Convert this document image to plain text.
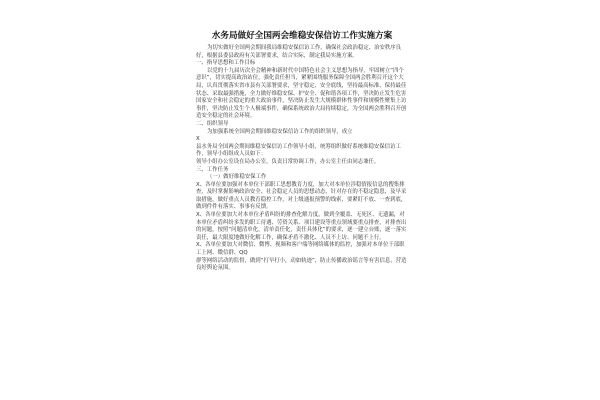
水务局做好全国两会维稳安保信访工作实施方案

为切实做好全国两会期间我局维稳安保信访工作，确保社会政治稳定、治安秩序良好，根据县委县政府有关部署要求，结合实际，制定我局实施方案。

一、指导思想和工作目标

以党的十九届历次全会精神和新时代中国特色社会主义思想为指导，牢固树立“四个意识”，切实提高政治站位，强化责任担当，紧紧围绕服务保障全国两会胜利召开这个大局，认真贯彻落实省市县有关部署要求，坚守稳定、安全底线，坚持最高标准、保持最佳状态、采取最强措施，全力做好维稳安保、护安全、促和谐各项工作，坚决防止发生危害国家安全和社会稳定的重大政治事件，坚决防止发生大规模群体性事件和规模性聚集上访事件，坚决防止发生个人极端事件，确保系统政治大局持续稳定，为全国两会胜利召开创造安全稳定的社会环境。

二、组织领导

为加强系统全国两会期间维稳安保信访工作的组织领导，成立

X

县水务局全国两会期间维稳安保信访工作领导小组，统筹组织做好系统维稳安保信访工作，领导小组组成人员如下：

领导小组办公室设在局办公室，负责日常协调工作，办公室主任由同志兼任。

三、工作任务

（一）做好维稳安保工作

X、各单位要加强对本单位干部职工思想教育力度，加大对本单位涉稳情报信息的搜集排查，及时掌握影响政治安全、社会稳定人员的思想动态，针对存在的不稳定隐患，及早采取措施，做好重点人员教育稳控工作，对上级通报预警的线索，要紧盯不放、一查到底，做到件件有落实、事事有反馈。

X、各单位要加大对本单位矛盾纠纷的排查化解力度，做到全覆盖、无死区、无遗漏，对本单位矛盾纠纷多发的职工待遇、劳资关系、项目建设等重点领域要重点排查，对排查出的问题，按照“问题清单化，清单责任化，责任具体化”的要求，逐一建立台账，逐一落实责任，最大限度地做好化解工作，确保矛盾不激化、人员不上访、问题不上行。

X、各单位要加大对微信、微博、视频和客户端等网络媒体的监控，加强对本单位干部职工上网、微信群、QQ

群等网络活动的监督，做到“打早打小，动如轨迹”，防止传播政治谣言等有害信息，营造良好舆论氛围。
